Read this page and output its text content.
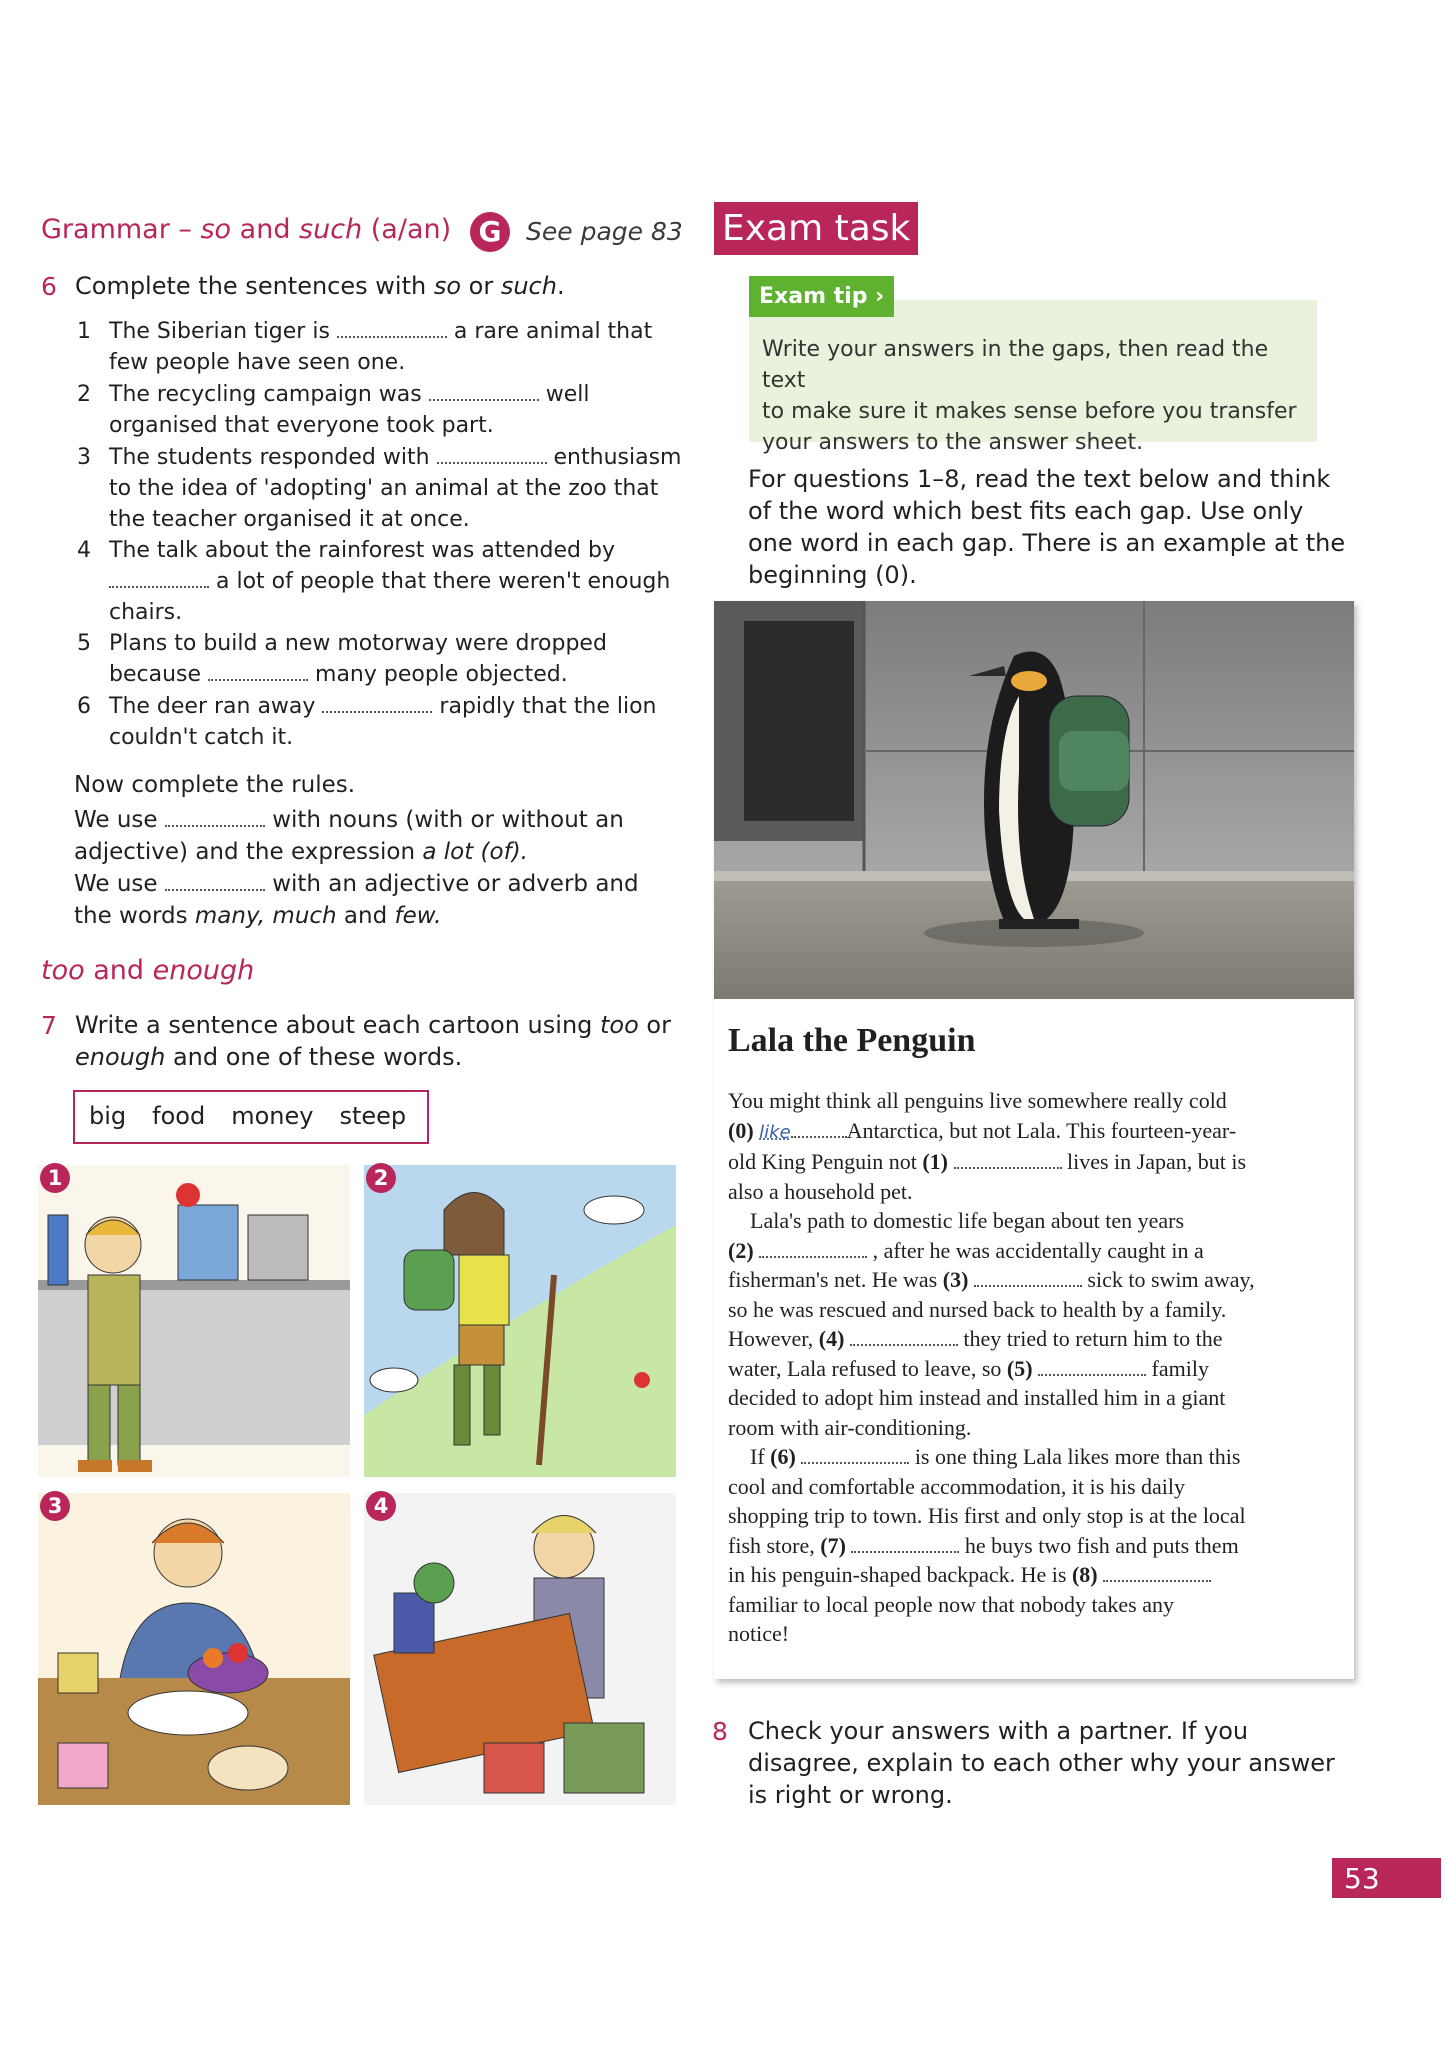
Grammar – so and such (a/an) G See page 83
6 Complete the sentences with so or such.
1 The Siberian tiger is	a rare animal that
few people have seen one.
2 The recycling campaign was	well
organised that everyone took part.
3 The students responded with	enthusiasm
to the idea of 'adopting' an animal at the zoo that
the teacher organised it at once.
4 The talk about the rainforest was attended by
a lot of people that there weren't enough
chairs.
5 Plans to build a new motorway were dropped
because	many people objected.
6 The deer ran away	rapidly that the lion
couldn't catch it.
Now complete the rules.
We use	with nouns (with or without an
adjective) and the expression a lot (of).
We use	with an adjective or adverb and
the words many, much and few.
too and enough
7 Write a sentence about each cartoon using too or
enough and one of these words.
big food money steep
1	2
3	4
Exam task
Exam tip ›
Write your answers in the gaps, then read the text
to make sure it makes sense before you transfer
your answers to the answer sheet.
For questions 1–8, read the text below and think
of the word which best fits each gap. Use only
one word in each gap. There is an example at the
beginning (0).
Lala the Penguin

You might think all penguins live somewhere really cold

(0) like	Antarctica, but not Lala. This fourteen-year-

old King Penguin not (1)	lives in Japan, but is

also a household pet.

Lala's path to domestic life began about ten years

(2)	, after he was accidentally caught in a

fisherman's net. He was (3)	sick to swim away,

so he was rescued and nursed back to health by a family.

However, (4)	they tried to return him to the

water, Lala refused to leave, so (5)	family

decided to adopt him instead and installed him in a giant

room with air-conditioning.

If (6)	is one thing Lala likes more than this

cool and comfortable accommodation, it is his daily

shopping trip to town. His first and only stop is at the local

fish store, (7)	he buys two fish and puts them

in his penguin-shaped backpack. He is (8)

familiar to local people now that nobody takes any

notice!

8 Check your answers with a partner. If you
disagree, explain to each other why your answer
is right or wrong.
53
